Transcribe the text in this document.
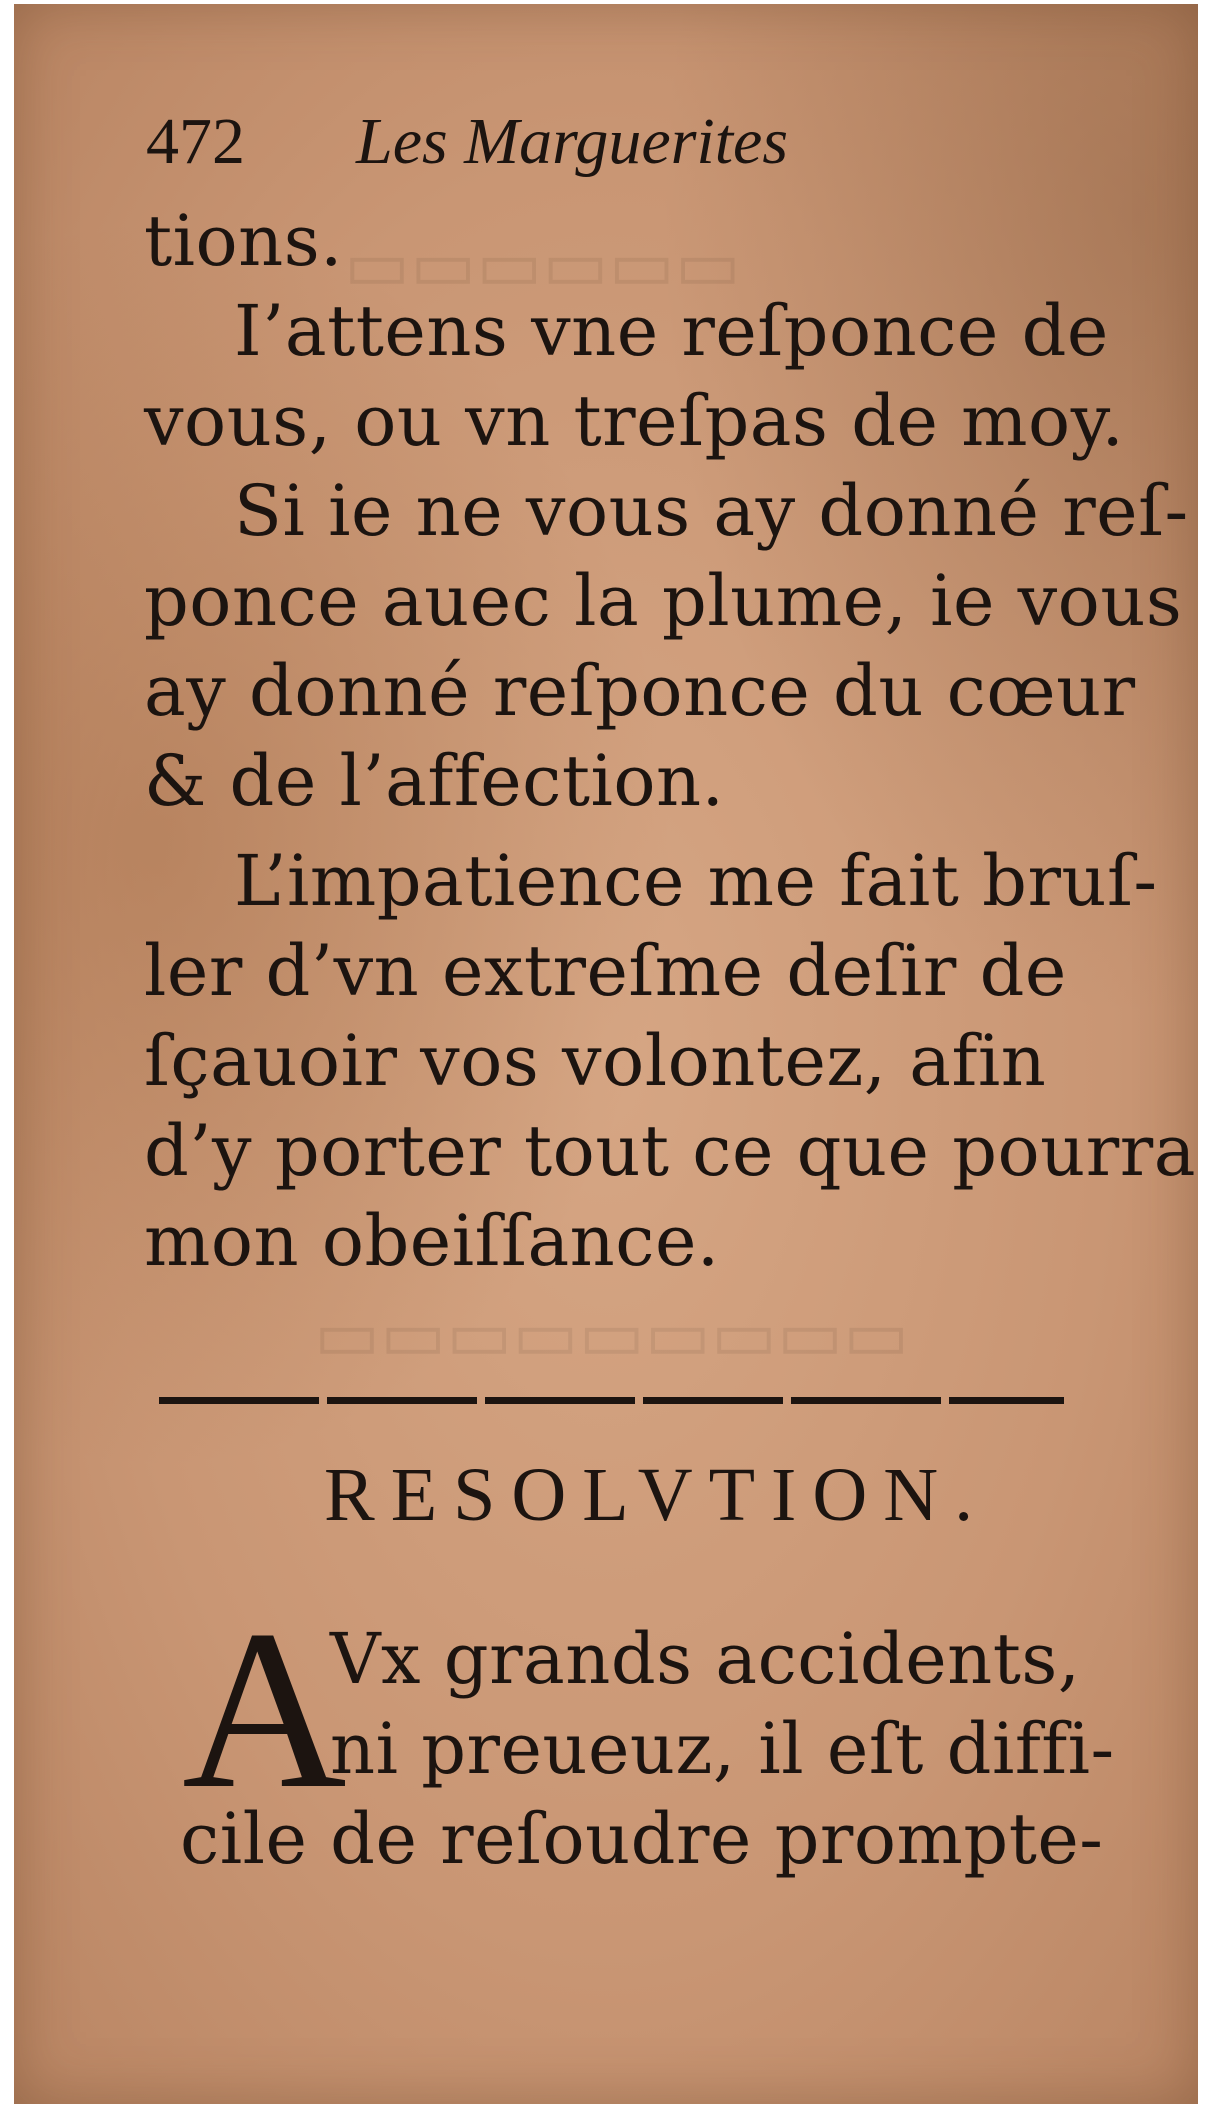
▭▭▭▭▭▭
▭▭▭▭▭▭▭▭▭
472 Les Marguerites
tions.
I’attens vne reſponce de
vous, ou vn treſpas de moy.
Si ie ne vous ay donné reſ-
ponce auec la plume, ie vous
ay donné reſponce du cœur
& de l’affection.
L’impatience me fait bruſ-
ler d’vn extreſme deſir de
ſçauoir vos volontez, afin
d’y porter tout ce que pourra
mon obeiſſance.
RESOLVTION.
A
Vx grands accidents,
ni preueuz, il eſt diffi-
cile de reſoudre prompte-
